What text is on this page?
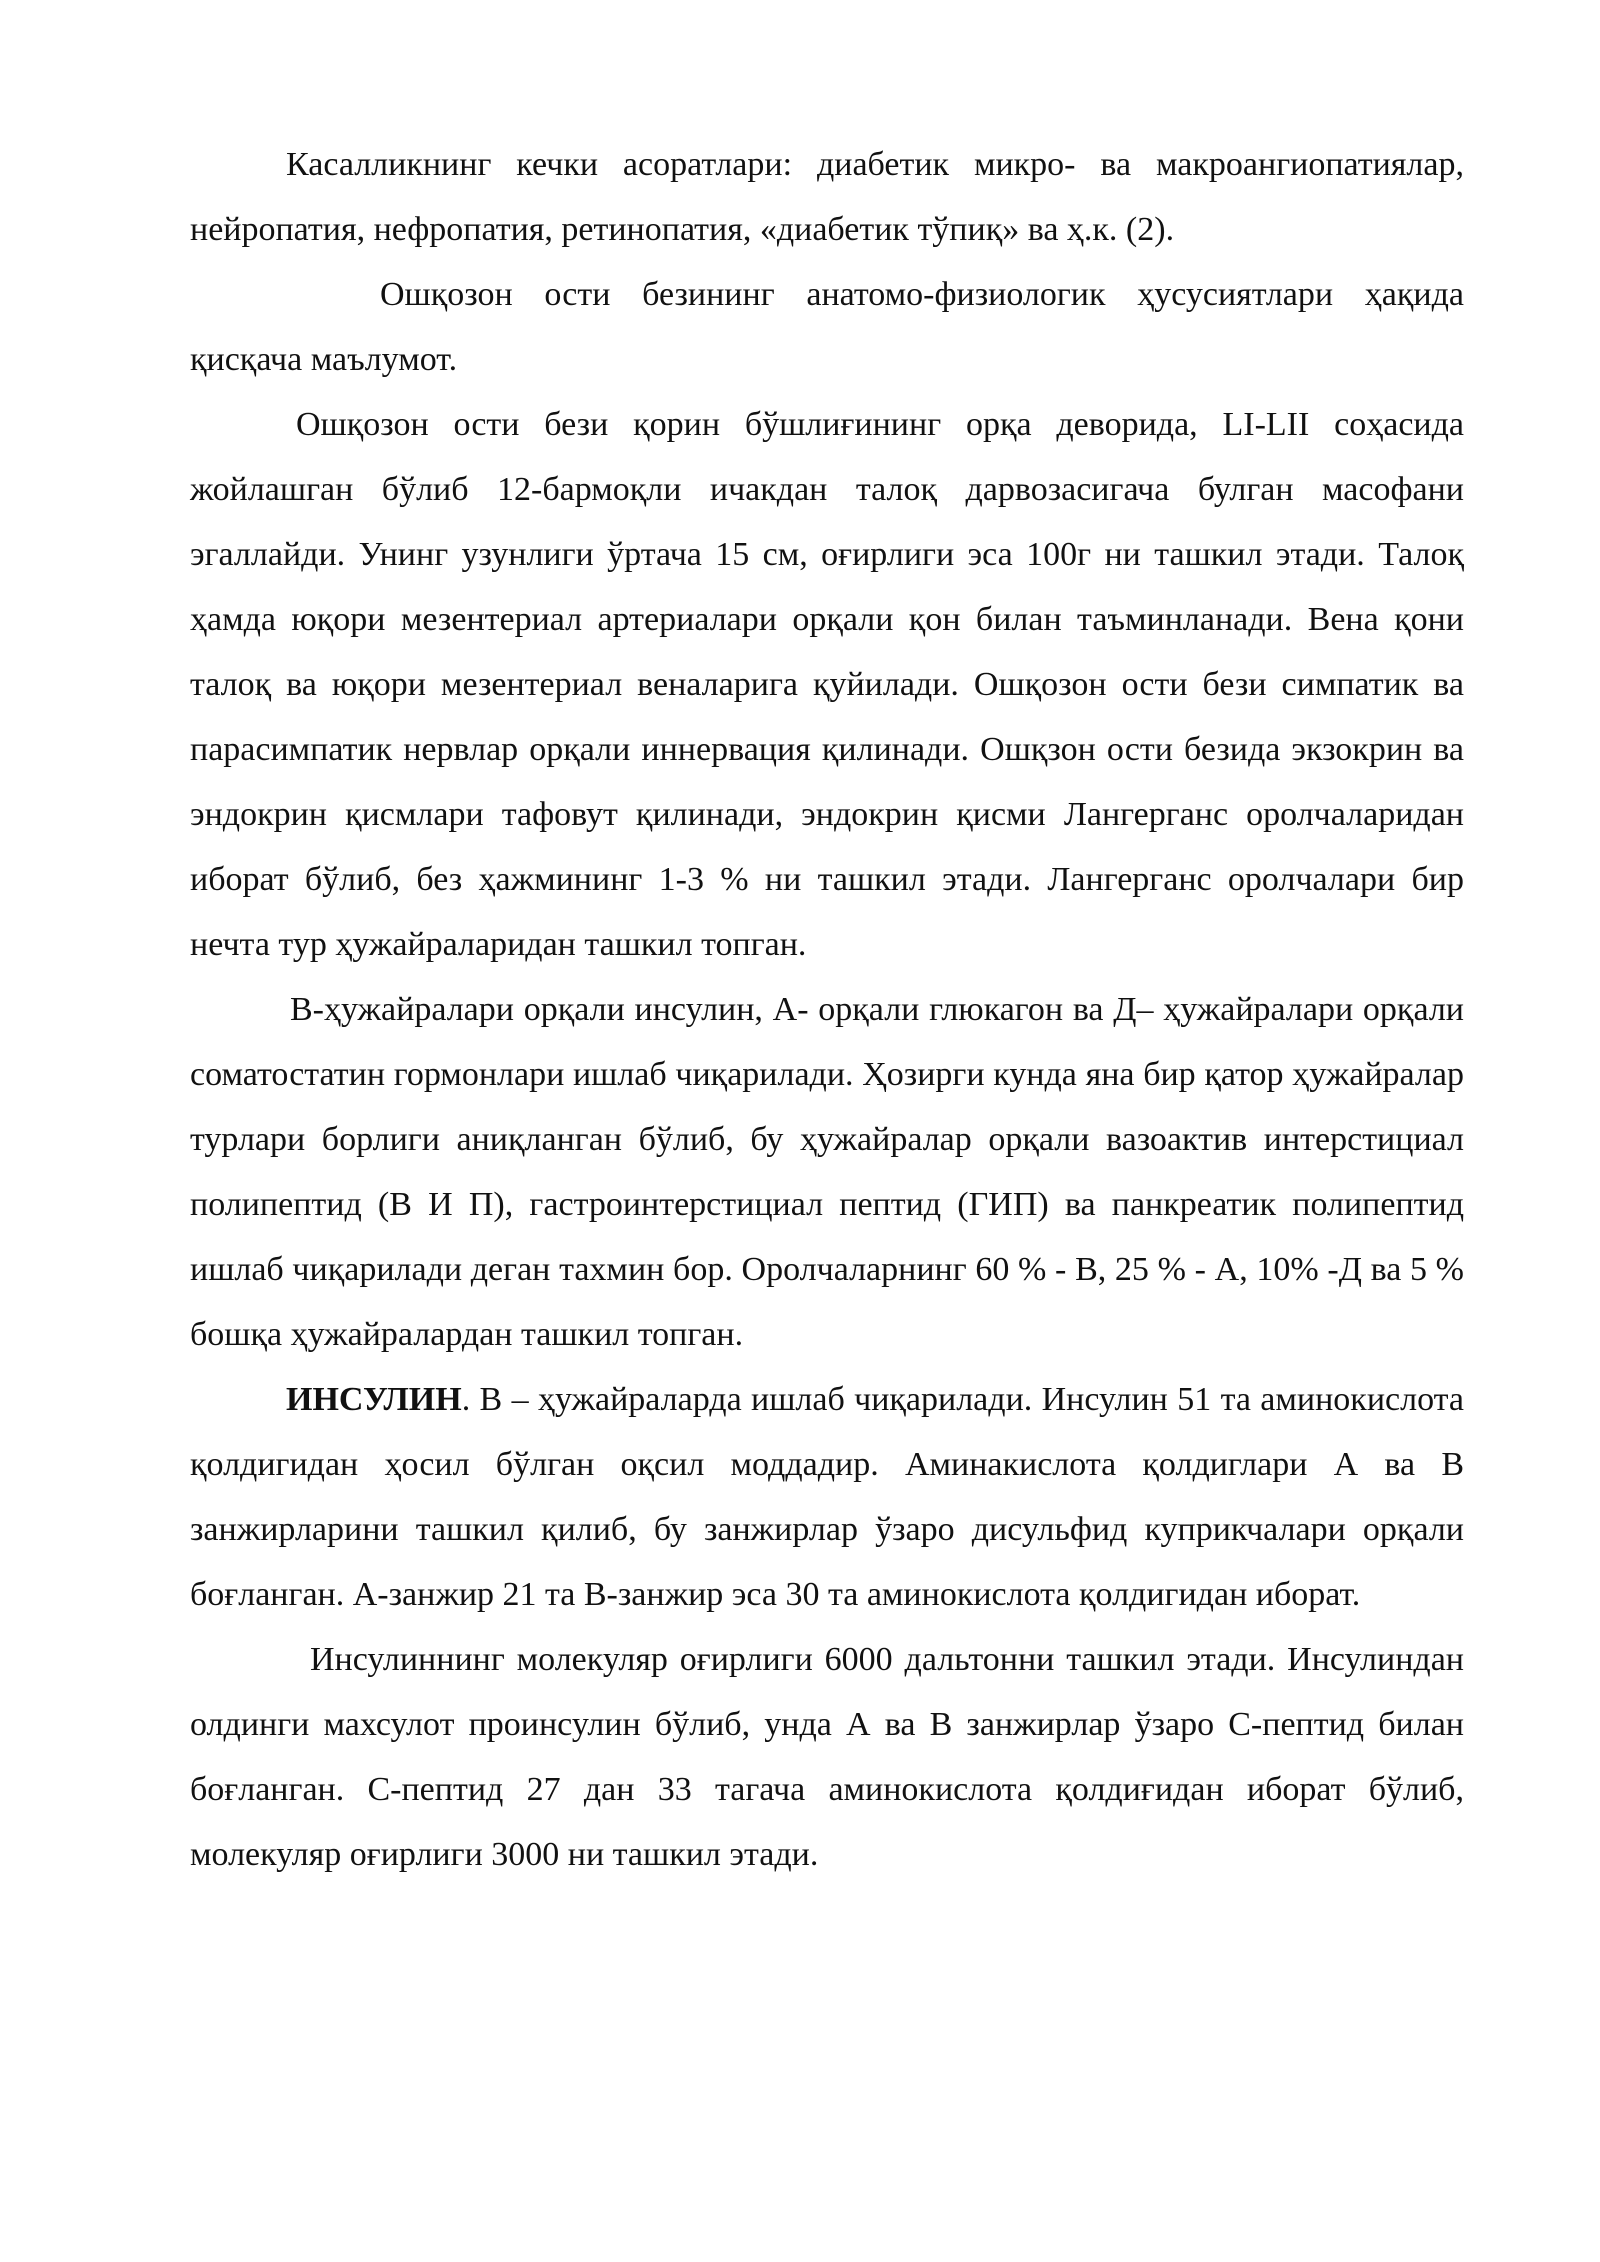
Касалликнинг кечки асоратлари: диабетик микро- ва макроангиопатиялар, нейропатия, нефропатия, ретинопатия, «диабетик тўпиқ» ва ҳ.к. (2).

Ошқозон ости безининг анатомо-физиологик ҳусусиятлари ҳақида қисқача маълумот.

Ошқозон ости бези қорин бўшлиғининг орқа деворида, LI-LII соҳасида жойлашган бўлиб 12-бармоқли ичакдан талоқ дарвозасигача булган масофани эгаллайди. Унинг узунлиги ўртача 15 см, оғирлиги эса 100г ни ташкил этади. Талоқ ҳамда юқори мезентериал артериалари орқали қон билан таъминланади. Вена қони талоқ ва юқори мезентериал веналарига қуйилади. Ошқозон ости бези симпатик ва парасимпатик нервлар орқали иннервация қилинади. Ошқзон ости безида экзокрин ва эндокрин қисмлари тафовут қилинади, эндокрин қисми Лангерганс оролчаларидан иборат бўлиб, без ҳажмининг 1-3 % ни ташкил этади. Лангерганс оролчалари бир нечта тур ҳужайраларидан ташкил топган.

В-ҳужайралари орқали инсулин, А- орқали глюкагон ва Д– ҳужайралари орқали соматостатин гормонлари ишлаб чиқарилади. Ҳозирги кунда яна бир қатор ҳужайралар турлари борлиги аниқланган бўлиб, бу ҳужайралар орқали вазоактив интерстициал полипептид (В И П), гастроинтерстициал пептид (ГИП) ва панкреатик полипептид ишлаб чиқарилади деган тахмин бор. Оролчаларнинг 60 % - В, 25 % - А, 10% -Д ва 5 % бошқа ҳужайралардан ташкил топган.

ИНСУЛИН. В – ҳужайраларда ишлаб чиқарилади. Инсулин 51 та аминокислота қолдигидан ҳосил бўлган оқсил моддадир. Аминакислота қолдиглари А ва В занжирларини ташкил қилиб, бу занжирлар ўзаро дисульфид куприкчалари орқали боғланган. А-занжир 21 та В-занжир эса 30 та аминокислота қолдигидан иборат.

Инсулиннинг молекуляр оғирлиги 6000 дальтонни ташкил этади. Инсулиндан олдинги махсулот проинсулин бўлиб, унда А ва В занжирлар ўзаро С-пептид билан боғланган. С-пептид 27 дан 33 тагача аминокислота қолдиғидан иборат бўлиб, молекуляр оғирлиги 3000 ни ташкил этади.
